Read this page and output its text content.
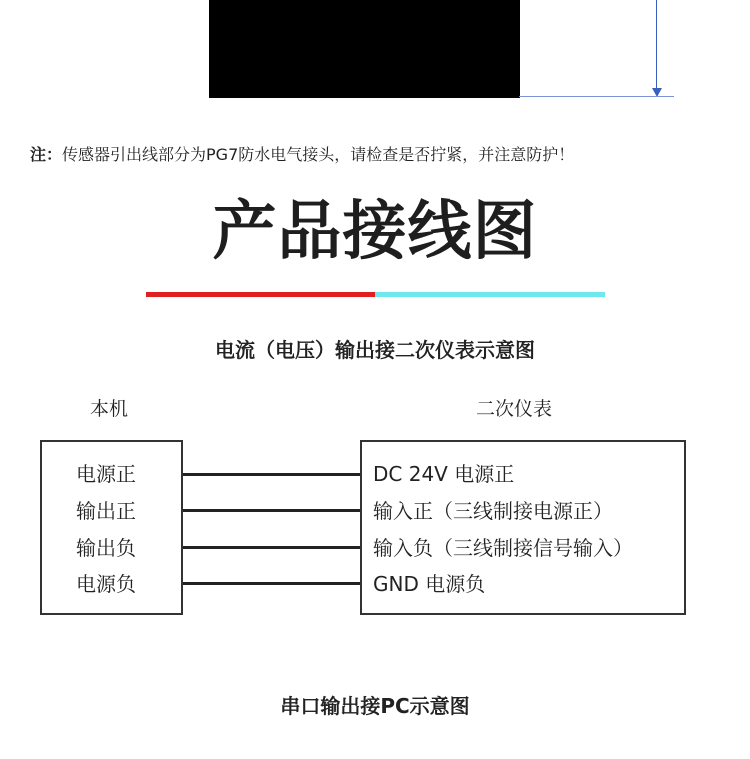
注：传感器引出线部分为PG7防水电气接头，请检查是否拧紧，并注意防护！
产品接线图
电流（电压）输出接二次仪表示意图
本机	二次仪表
电源正
输出正
输出负
电源负
DC 24V 电源正
输入正（三线制接电源正）
输入负（三线制接信号输入）
GND 电源负
串口输出接PC示意图
